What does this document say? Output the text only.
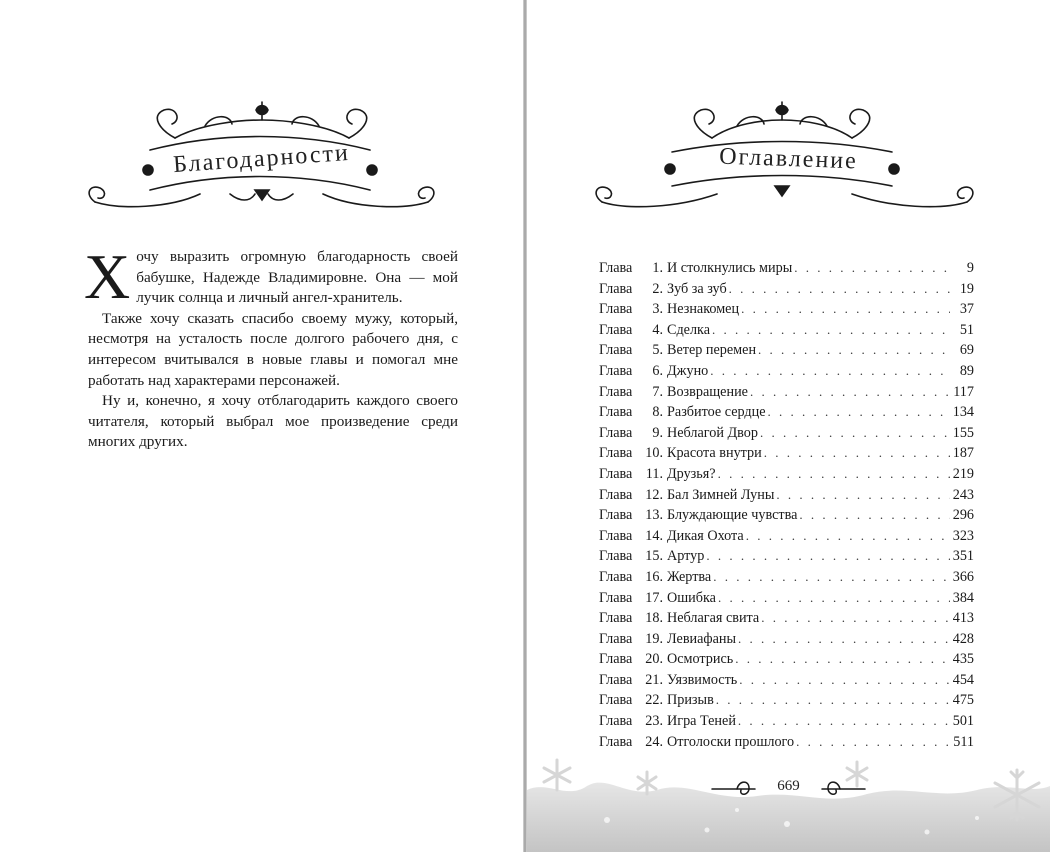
Благодарности

Хочу выразить огромную благодарность своей бабушке, Надежде Владимировне. Она — мой лучик солнца и личный ангел-хранитель.

Также хочу сказать спасибо своему мужу, который, несмотря на усталость после долгого рабочего дня, с интересом вчитывался в новые главы и помогал мне работать над характерами персонажей.

Ну и, конечно, я хочу отблагодарить каждого своего читателя, который выбрал мое произведение среди многих других.

Оглавление
Глава	1. И столкнулись миры . . .	9
Глава	2. Зуб за зуб . . .	19
Глава	3. Незнакомец . . .	37
Глава	4. Сделка . . .	51
Глава	5. Ветер перемен . . .	69
Глава	6. Джуно . . .	89
Глава	7. Возвращение . . .	117
Глава	8. Разбитое сердце . . .	134
Глава	9. Неблагой Двор . . .	155
Глава 10. Красота внутри . . .	187
Глава 11. Друзья? . . .	219
Глава 12. Бал Зимней Луны . . .	243
Глава 13. Блуждающие чувства . . .	296
Глава 14. Дикая Охота . . .	323
Глава 15. Артур . . .	351
Глава 16. Жертва . . .	366
Глава 17. Ошибка . . .	384
Глава 18. Неблагая свита . . .	413
Глава 19. Левиафаны . . .	428
Глава 20. Осмотрись . . .	435
Глава 21. Уязвимость . . .	454
Глава 22. Призыв . . .	475
Глава 23. Игра Теней . . .	501
Глава 24. Отголоски прошлого . . .	511
669
